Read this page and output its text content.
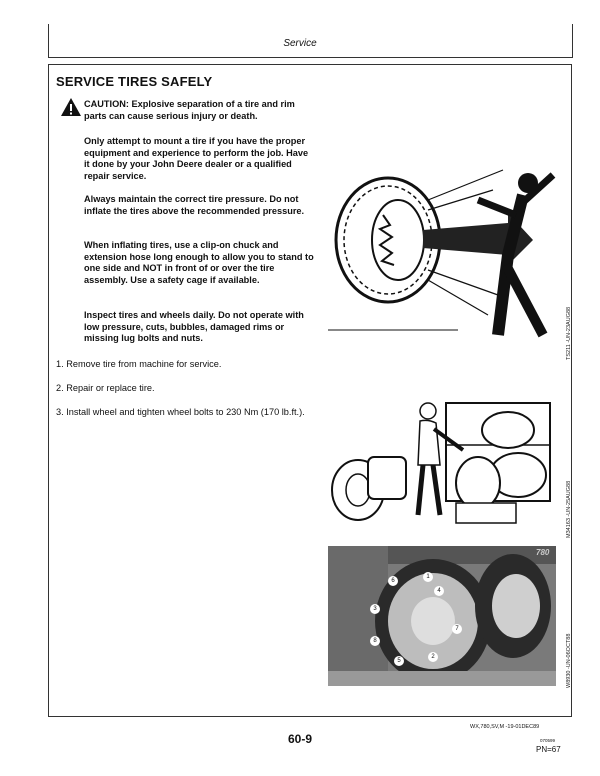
Service
SERVICE TIRES SAFELY
CAUTION: Explosive separation of a tire and rim parts can cause serious injury or death.

Only attempt to mount a tire if you have the proper equipment and experience to perform the job. Have it done by your John Deere dealer or a qualified repair service.

Always maintain the correct tire pressure. Do not inflate the tires above the recommended pressure.

When inflating tires, use a clip-on chuck and extension hose long enough to allow you to stand to one side and NOT in front of or over the tire assembly. Use a safety cage if available.

Inspect tires and wheels daily. Do not operate with low pressure, cuts, bubbles, damaged rims or missing lug bolts and nuts.

1. Remove tire from machine for service.

2. Repair or replace tire.

3. Install wheel and tighten wheel bolts to 230 Nm (170 lb.ft.).

TS211 -UN-23AUG88
M34163 -UN-25AUG88
780
1
4
7
2
5
8
3
6
W8930 -UN-06OCT88
WX,780,SV,M -19-01DEC89
60-9	070599
PN=67
